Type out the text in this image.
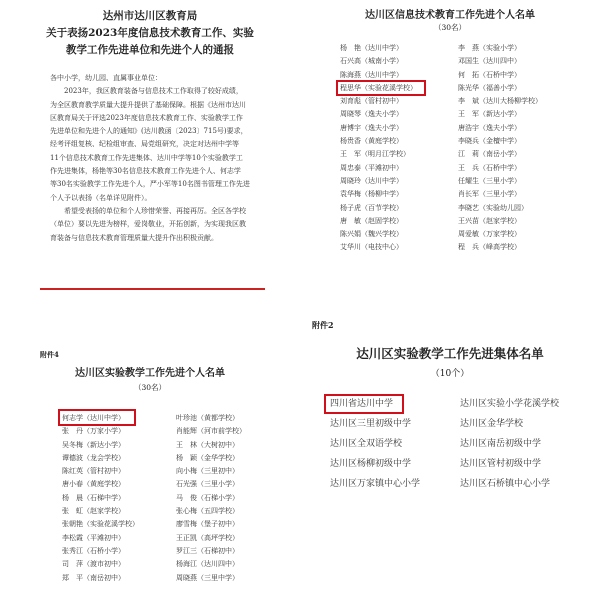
达州市达川区教育局
关于表扬2023年度信息技术教育工作、实验
教学工作先进单位和先进个人的通报

各中小学，幼儿园、直属事业单位：

2023年，我区教育装备与信息技术工作取得了较好成绩，

为全区教育教学质量大提升提供了基础保障。根据《达州市达川

区教育局关于评选2023年度信息技术教育工作、实验教学工作

先进单位和先进个人的通知》(达川教函〔2023〕715号)要求，

经考评组复核、纪检组审查、局党组研究，决定对达州中学等

11个信息技术教育工作先进集体、达川中学等10个实验教学工

作先进集体，杨艳等30名信息技术教育工作先进个人、何志学

等30名实验教学工作先进个人，严小军等10名图书管理工作先进

个人予以表扬（名单详见附件）。

希望受表扬的单位和个人珍惜荣誉、再接再厉。全区各学校

（单位）要以先进为榜样，爱岗敬业，开拓创新，为实现我区教

育装备与信息技术教育管理质量大提升作出积极贡献。

达川区信息技术教育工作先进个人名单
（30名）
杨　艳（达川中学）
石兴高（城南小学）
陈海燕（达川中学）
程思华（实验花溪学校）
刘育彪（管村初中）
周晓琴（逸夫小学）
唐博宇（逸夫小学）
杨贵香（黄庭学校）
王　军（明月江学校）
周忠泰（平滩初中）
周晓玲（达川中学）
袁华梅（杨柳中学）
杨子虎（百节学校）
唐　敏（赵固学校）
陈兴娟（魏兴学校）
艾华川（电技中心）
李　燕（实验小学）
邓国生（达川四中）
何　拓（石桥中学）
陈光华（福善小学）
李　斌（达川大杨柳学校）
王　军（新达小学）
唐浩宇（逸夫小学）
李晓兵（金檀中学）
江　莉（南岳小学）
王　兵（石桥中学）
任耀生（三里小学）
肖长军（三里小学）
李晓艺（实验幼儿园）
王兴苗（赵家学校）
周爱敏（万家学校）
程　兵（峰高学校）
附件4
达川区实验教学工作先进个人名单
（30名）
何志学（达川中学）
张　丹（万家小学）
吴冬梅（新达小学）
谭德波（龙会学校）
陈红英（管村初中）
唐小春（黄庭学校）
杨　晨（石梯中学）
张　虹（赵家学校）
张朝艳（实验花溪学校）
李松霞（平滩初中）
张秀江（石桥小学）
司　萍（渡市初中）
郑　平（南岳初中）
叶珍池（黄都学校）
肖能辉（河市前学校）
王　林（大树初中）
杨　颖（金华学校）
向小梅（三里初中）
石光强（三里小学）
马　俊（石梯小学）
张心梅（五四学校）
廖雪梅（堡子初中）
王正凯（高坪学校）
罗江三（石梯初中）
杨海江（达川四中）
周晓燕（三里中学）
附件2
达川区实验教学工作先进集体名单
（10个）
四川省达川中学
达川区三里初级中学
达川区全双语学校
达川区杨柳初级中学
达川区万家镇中心小学
达川区实验小学花溪学校
达川区金华学校
达川区南岳初级中学
达川区管村初级中学
达川区石桥镇中心小学
